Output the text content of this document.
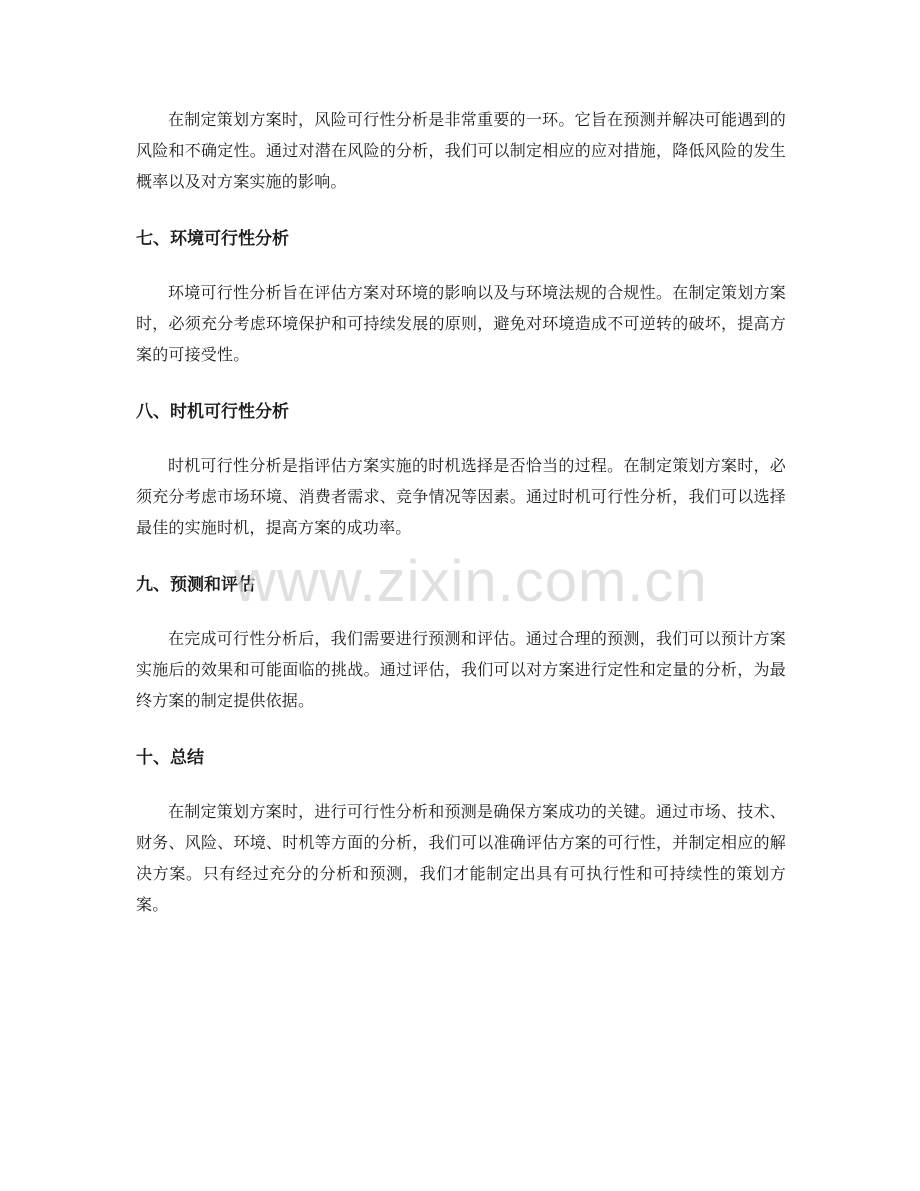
在制定策划方案时，风险可行性分析是非常重要的一环。它旨在预测并解决可能遇到的风险和不确定性。通过对潜在风险的分析，我们可以制定相应的应对措施，降低风险的发生概率以及对方案实施的影响。

七、环境可行性分析

环境可行性分析旨在评估方案对环境的影响以及与环境法规的合规性。在制定策划方案时，必须充分考虑环境保护和可持续发展的原则，避免对环境造成不可逆转的破坏，提高方案的可接受性。

八、时机可行性分析

时机可行性分析是指评估方案实施的时机选择是否恰当的过程。在制定策划方案时，必须充分考虑市场环境、消费者需求、竞争情况等因素。通过时机可行性分析，我们可以选择最佳的实施时机，提高方案的成功率。

九、预测和评估

在完成可行性分析后，我们需要进行预测和评估。通过合理的预测，我们可以预计方案实施后的效果和可能面临的挑战。通过评估，我们可以对方案进行定性和定量的分析，为最终方案的制定提供依据。

十、总结

在制定策划方案时，进行可行性分析和预测是确保方案成功的关键。通过市场、技术、财务、风险、环境、时机等方面的分析，我们可以准确评估方案的可行性，并制定相应的解决方案。只有经过充分的分析和预测，我们才能制定出具有可执行性和可持续性的策划方案。

www.zixin.com.cn
